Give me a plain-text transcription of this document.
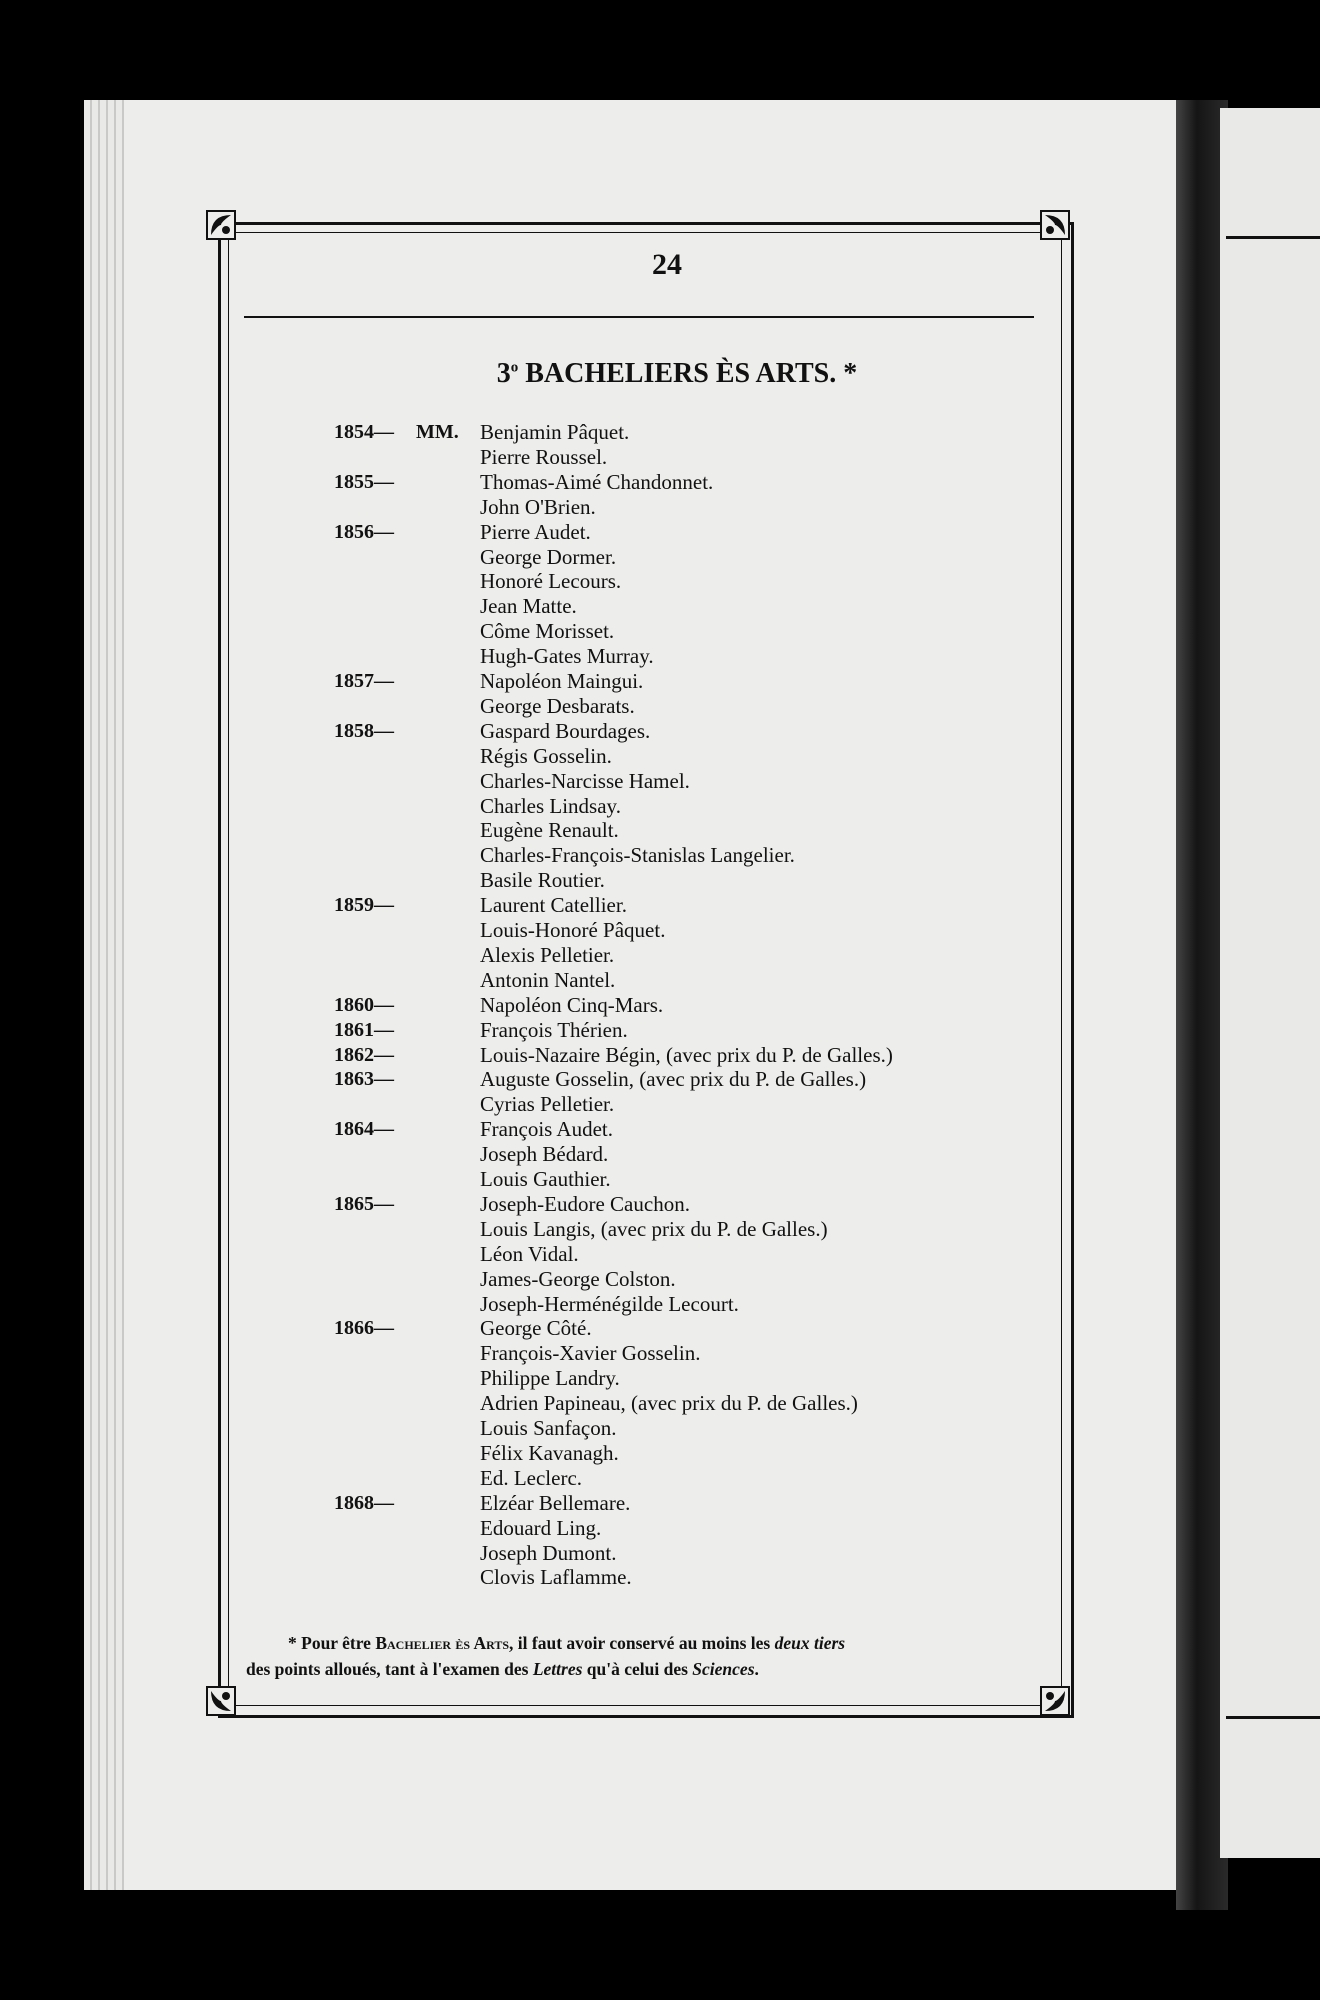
24
3$^o$ BACHELIERS ÈS ARTS. *
1854— MM. Benjamin Pâquet.
Pierre Roussel.
1855—	Thomas-Aimé Chandonnet.
John O'Brien.
1856—	Pierre Audet.
George Dormer.
Honoré Lecours.
Jean Matte.
Côme Morisset.
Hugh-Gates Murray.
1857—	Napoléon Maingui.
George Desbarats.
1858—	Gaspard Bourdages.
Régis Gosselin.
Charles-Narcisse Hamel.
Charles Lindsay.
Eugène Renault.
Charles-François-Stanislas Langelier.
Basile Routier.
1859—	Laurent Catellier.
Louis-Honoré Pâquet.
Alexis Pelletier.
Antonin Nantel.
1860—	Napoléon Cinq-Mars.
1861—	François Thérien.
1862—	Louis-Nazaire Bégin, (avec prix du P. de Galles.)
1863—	Auguste Gosselin, (avec prix du P. de Galles.)
Cyrias Pelletier.
1864—	François Audet.
Joseph Bédard.
Louis Gauthier.
1865—	Joseph-Eudore Cauchon.
Louis Langis, (avec prix du P. de Galles.)
Léon Vidal.
James-George Colston.
Joseph-Herménégilde Lecourt.
1866—	George Côté.
François-Xavier Gosselin.
Philippe Landry.
Adrien Papineau, (avec prix du P. de Galles.)
Louis Sanfaçon.
Félix Kavanagh.
Ed. Leclerc.
1868—	Elzéar Bellemare.
Edouard Ling.
Joseph Dumont.
Clovis Laflamme.
* Pour être Bachelier ès Arts, il faut avoir conservé au moins les deux tiers
des points alloués, tant à l'examen des Lettres qu'à celui des Sciences.
